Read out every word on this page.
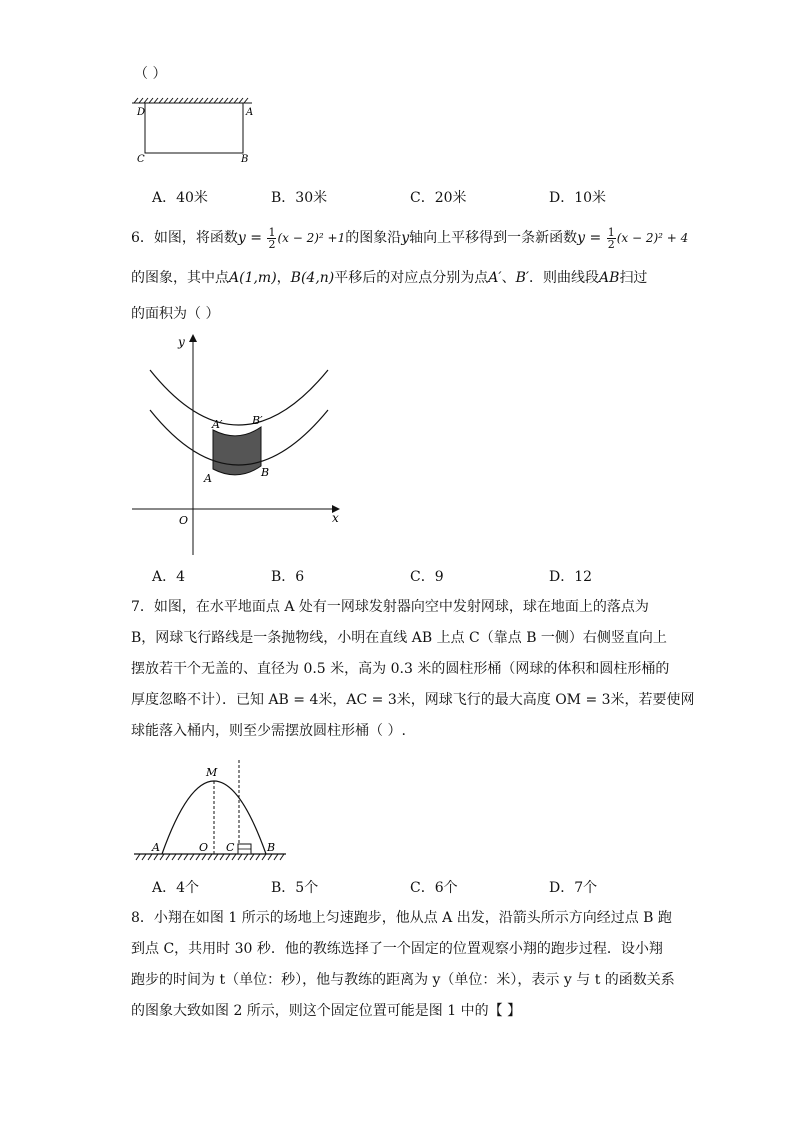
（ ）
D	A
C	B
A．40米	B．30米	C．20米	D．10米
6．如图，将函数$y = \frac{1}{2} (x - 2)^2 +1$的图象沿y轴向上平移得到一条新函数$y = \frac{1}{2} (x - 2)^2 + 4$
的图象，其中点A(1,m)，B(4,n)平移后的对应点分别为点A′、B′．则曲线段AB扫过
的面积为（ ）
y
x
O
A	B
A′	B′
A．4	B．6	C．9	D．12
7．如图，在水平地面点 A 处有一网球发射器向空中发射网球，球在地面上的落点为
B，网球飞行路线是一条抛物线，小明在直线 AB 上点 C（靠点 B 一侧）右侧竖直向上
摆放若干个无盖的、直径为 0.5 米，高为 0.3 米的圆柱形桶（网球的体积和圆柱形桶的
厚度忽略不计）．已知 AB = 4米，AC = 3米，网球飞行的最大高度 OM = 3米，若要使网
球能落入桶内，则至少需摆放圆柱形桶（ ）.
M
A	O C	B
A．4个	B．5个	C．6个	D．7个
8．小翔在如图 1 所示的场地上匀速跑步，他从点 A 出发，沿箭头所示方向经过点 B 跑
到点 C，共用时 30 秒．他的教练选择了一个固定的位置观察小翔的跑步过程．设小翔
跑步的时间为 t（单位：秒），他与教练的距离为 y（单位：米），表示 y 与 t 的函数关系
的图象大致如图 2 所示，则这个固定位置可能是图 1 中的【 】
